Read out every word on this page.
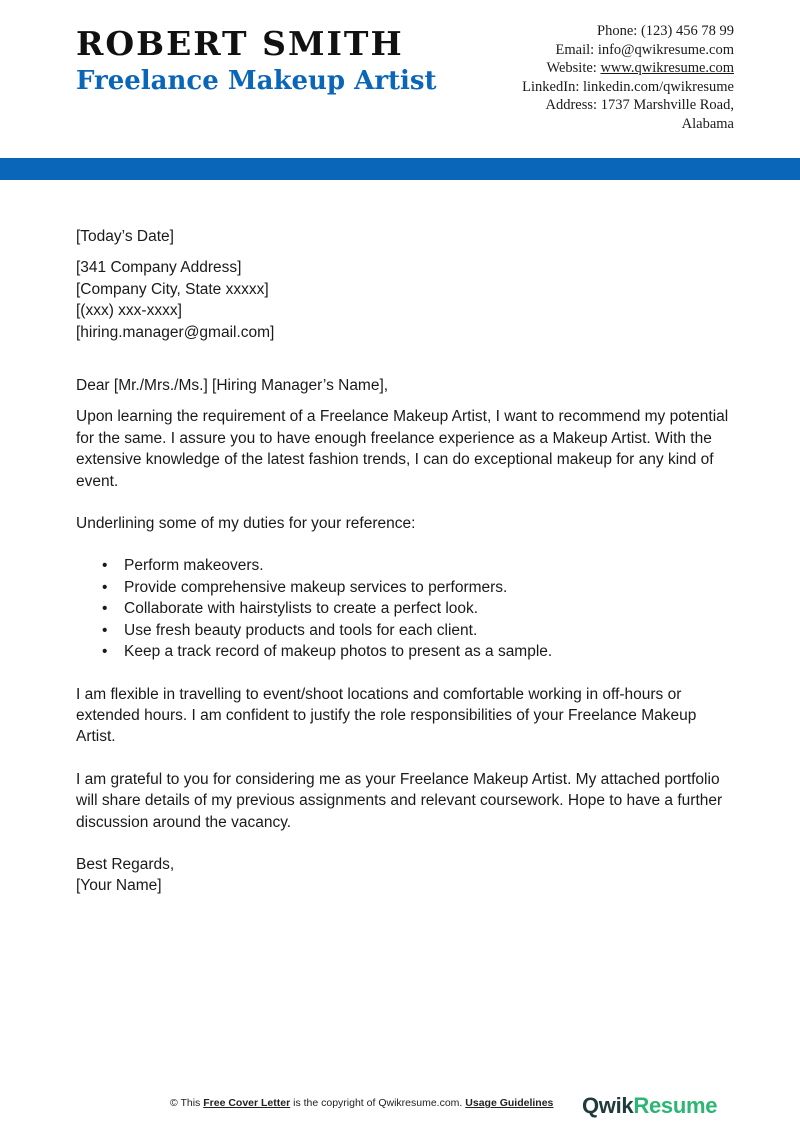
ROBERT SMITH
Freelance Makeup Artist
Phone: (123) 456 78 99
Email: info@qwikresume.com
Website: www.qwikresume.com
LinkedIn: linkedin.com/qwikresume
Address: 1737 Marshville Road,
Alabama

[Today’s Date]

[341 Company Address]

[Company City, State xxxxx]

[(xxx) xxx-xxxx]

[hiring.manager@gmail.com]

Dear [Mr./Mrs./Ms.] [Hiring Manager’s Name],

Upon learning the requirement of a Freelance Makeup Artist, I want to recommend my potential for the same. I assure you to have enough freelance experience as a Makeup Artist. With the extensive knowledge of the latest fashion trends, I can do exceptional makeup for any kind of event.

Underlining some of my duties for your reference:

• Perform makeovers.
• Provide comprehensive makeup services to performers.
• Collaborate with hairstylists to create a perfect look.
• Use fresh beauty products and tools for each client.
• Keep a track record of makeup photos to present as a sample.

I am flexible in travelling to event/shoot locations and comfortable working in off-hours or extended hours. I am confident to justify the role responsibilities of your Freelance Makeup Artist.

I am grateful to you for considering me as your Freelance Makeup Artist. My attached portfolio will share details of my previous assignments and relevant coursework. Hope to have a further discussion around the vacancy.

Best Regards,

[Your Name]

© This Free Cover Letter is the copyright of Qwikresume.com. Usage Guidelines QwikResume
